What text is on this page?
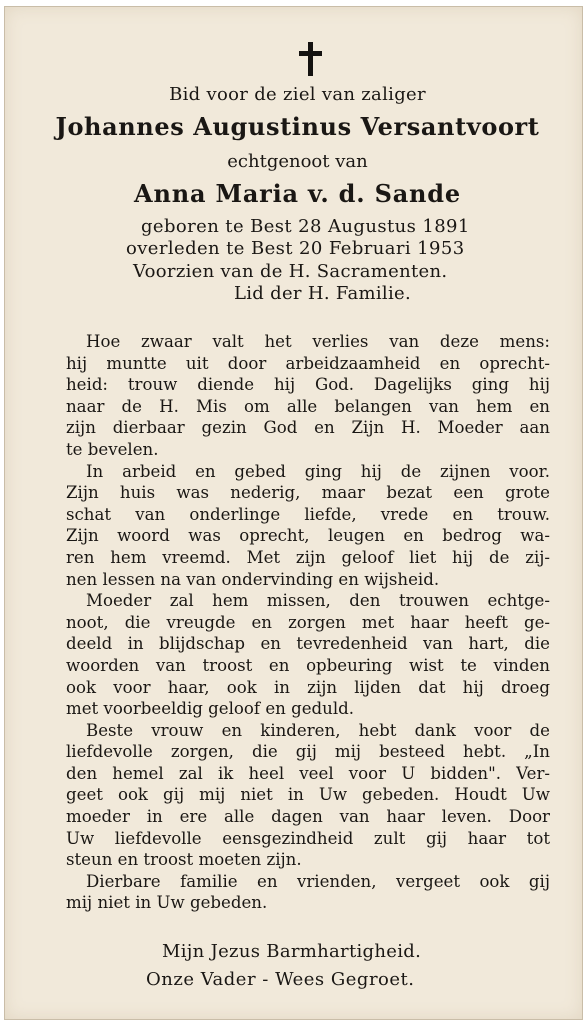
Bid voor de ziel van zaliger
Johannes Augustinus Versantvoort
echtgenoot van
Anna Maria v. d. Sande
geboren te Best 28 Augustus 1891
overleden te Best 20 Februari 1953
Voorzien van de H. Sacramenten.
Lid der H. Familie.
Hoe zwaar valt het verlies van deze mens:
hij muntte uit door arbeidzaamheid en oprecht-
heid: trouw diende hij God. Dagelijks ging hij
naar de H. Mis om alle belangen van hem en
zijn dierbaar gezin God en Zijn H. Moeder aan
te bevelen.
In arbeid en gebed ging hij de zijnen voor.
Zijn huis was nederig, maar bezat een grote
schat van onderlinge liefde, vrede en trouw.
Zijn woord was oprecht, leugen en bedrog wa-
ren hem vreemd. Met zijn geloof liet hij de zij-
nen lessen na van ondervinding en wijsheid.
Moeder zal hem missen, den trouwen echtge-
noot, die vreugde en zorgen met haar heeft ge-
deeld in blijdschap en tevredenheid van hart, die
woorden van troost en opbeuring wist te vinden
ook voor haar, ook in zijn lijden dat hij droeg
met voorbeeldig geloof en geduld.
Beste vrouw en kinderen, hebt dank voor de
liefdevolle zorgen, die gij mij besteed hebt. „In
den hemel zal ik heel veel voor U bidden". Ver-
geet ook gij mij niet in Uw gebeden. Houdt Uw
moeder in ere alle dagen van haar leven. Door
Uw liefdevolle eensgezindheid zult gij haar tot
steun en troost moeten zijn.
Dierbare familie en vrienden, vergeet ook gij
mij niet in Uw gebeden.
Mijn Jezus Barmhartigheid.
Onze Vader - Wees Gegroet.
